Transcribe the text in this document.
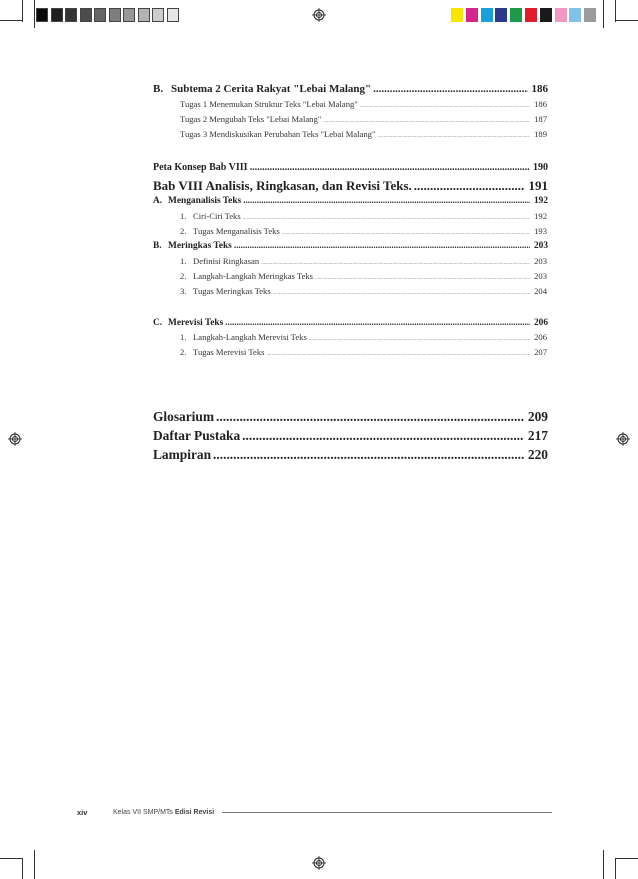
B. Subtema 2 Cerita Rakyat "Lebai Malang" .....	186
Tugas 1 Menemukan Struktur Teks "Lebai Malang" .....	186
Tugas 2 Mengubah Teks "Lebai Malang" .....	187
Tugas 3 Mendiskusikan Perubahan Teks "Lebai Malang" .....	189
Peta Konsep Bab VIII .....	190
Bab VIII Analisis, Ringkasan, dan Revisi Teks. .....	191
A. Menganalisis Teks .....	192
1. Ciri-Ciri Teks .....	192
2. Tugas Menganalisis Teks .....	193
B. Meringkas Teks .....	203
1. Definisi Ringkasan .....	203
2. Langkah-Langkah Meringkas Teks .....	203
3. Tugas Meringkas Teks .....	204
C. Merevisi Teks .....	206
1. Langkah-Langkah Merevisi Teks .....	206
2. Tugas Merevisi Teks .....	207
Glosarium .....	209
Daftar Pustaka .....	217
Lampiran .....	220
xiv	Kelas VII SMP/MTs Edisi Revisi
